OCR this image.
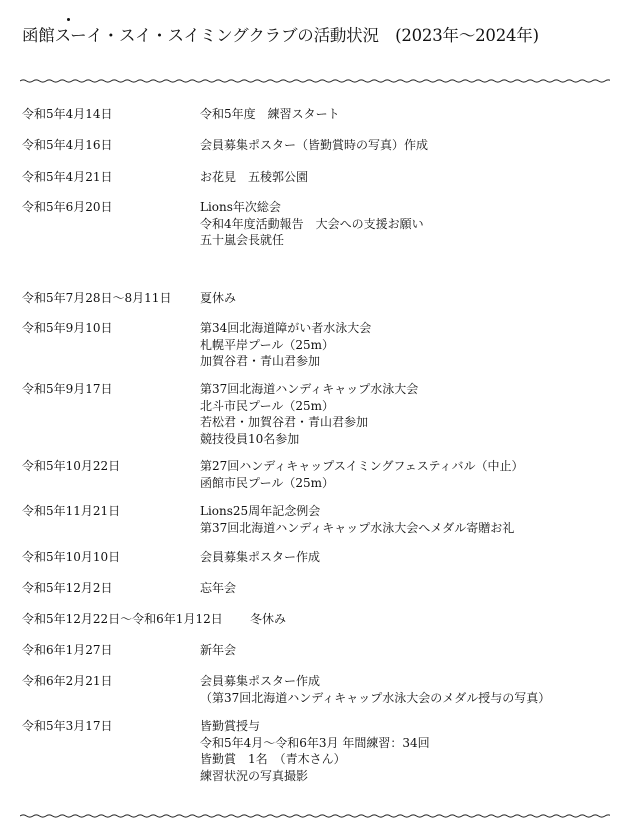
函館スーイ・スイ・スイミングクラブの活動状況　(2023年～2024年)
令和5年4月14日	令和5年度　練習スタート
令和5年4月16日	会員募集ポスター（皆勤賞時の写真）作成
令和5年4月21日	お花見　五稜郭公園
令和5年6月20日	Lions年次総会
令和4年度活動報告　大会への支援お願い
五十嵐会長就任
令和5年7月28日～8月11日 夏休み
令和5年9月10日	第34回北海道障がい者水泳大会
札幌平岸プール（25m）
加賀谷君・青山君参加
令和5年9月17日	第37回北海道ハンディキャップ水泳大会
北斗市民プール（25m）
若松君・加賀谷君・青山君参加
競技役員10名参加
令和5年10月22日	第27回ハンディキャップスイミングフェスティバル（中止）
函館市民プール（25m）
令和5年11月21日	Lions25周年記念例会
第37回北海道ハンディキャップ水泳大会へメダル寄贈お礼
令和5年10月10日	会員募集ポスター作成
令和5年12月2日	忘年会
令和5年12月22日～令和6年1月12日 冬休み
令和6年1月27日	新年会
令和6年2月21日	会員募集ポスター作成
（第37回北海道ハンディキャップ水泳大会のメダル授与の写真）
令和5年3月17日	皆勤賞授与
令和5年4月～令和6年3月 年間練習：34回
皆勤賞　1名　（青木さん）
練習状況の写真撮影
